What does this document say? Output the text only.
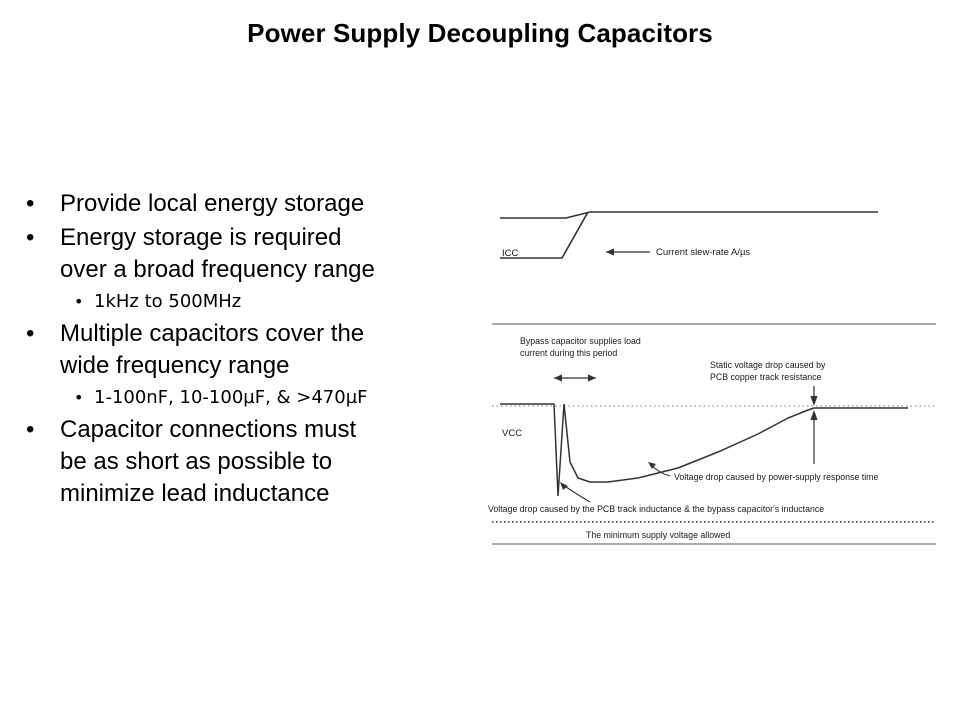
Power Supply Decoupling Capacitors
• Provide local energy storage
• Energy storage is required
over a broad frequency range
• 1kHz to 500MHz
• Multiple capacitors cover the
wide frequency range
• 1-100nF, 10-100µF, & >470µF
• Capacitor connections must
be as short as possible to
minimize lead inductance
ICC	Current slew-rate A/µs
Bypass capacitor supplies load
current during this period
Static voltage drop caused by
PCB copper track resistance
VCC
Voltage drop caused by power-supply response time
Voltage drop caused by the PCB track inductance & the bypass capacitor's inductance
The minimum supply voltage allowed
